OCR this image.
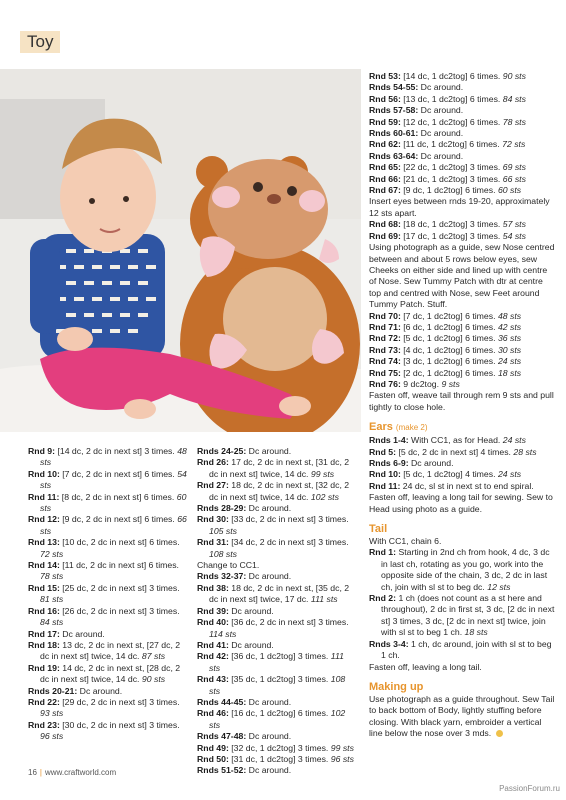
Toy

Rnd 9: [14 dc, 2 dc in next st] 3 times. 48 sts

Rnd 10: [7 dc, 2 dc in next st] 6 times. 54 sts

Rnd 11: [8 dc, 2 dc in next st] 6 times. 60 sts

Rnd 12: [9 dc, 2 dc in next st] 6 times. 66 sts

Rnd 13: [10 dc, 2 dc in next st] 6 times. 72 sts

Rnd 14: [11 dc, 2 dc in next st] 6 times. 78 sts

Rnd 15: [25 dc, 2 dc in next st] 3 times. 81 sts

Rnd 16: [26 dc, 2 dc in next st] 3 times. 84 sts

Rnd 17: Dc around.

Rnd 18: 13 dc, 2 dc in next st, [27 dc, 2 dc in next st] twice, 14 dc. 87 sts

Rnd 19: 14 dc, 2 dc in next st, [28 dc, 2 dc in next st] twice, 14 dc. 90 sts

Rnds 20-21: Dc around.

Rnd 22: [29 dc, 2 dc in next st] 3 times. 93 sts

Rnd 23: [30 dc, 2 dc in next st] 3 times. 96 sts

Rnds 24-25: Dc around.

Rnd 26: 17 dc, 2 dc in next st, [31 dc, 2 dc in next st] twice, 14 dc. 99 sts

Rnd 27: 18 dc, 2 dc in next st, [32 dc, 2 dc in next st] twice, 14 dc. 102 sts

Rnds 28-29: Dc around.

Rnd 30: [33 dc, 2 dc in next st] 3 times. 105 sts

Rnd 31: [34 dc, 2 dc in next st] 3 times. 108 sts

Change to CC1.

Rnds 32-37: Dc around.

Rnd 38: 18 dc, 2 dc in next st, [35 dc, 2 dc in next st] twice, 17 dc. 111 sts

Rnd 39: Dc around.

Rnd 40: [36 dc, 2 dc in next st] 3 times. 114 sts

Rnd 41: Dc around.

Rnd 42: [36 dc, 1 dc2tog] 3 times. 111 sts

Rnd 43: [35 dc, 1 dc2tog] 3 times. 108 sts

Rnds 44-45: Dc around.

Rnd 46: [16 dc, 1 dc2tog] 6 times. 102 sts

Rnds 47-48: Dc around.

Rnd 49: [32 dc, 1 dc2tog] 3 times. 99 sts

Rnd 50: [31 dc, 1 dc2tog] 3 times. 96 sts

Rnds 51-52: Dc around.

Rnd 53: [14 dc, 1 dc2tog] 6 times. 90 sts

Rnds 54-55: Dc around.

Rnd 56: [13 dc, 1 dc2tog] 6 times. 84 sts

Rnds 57-58: Dc around.

Rnd 59: [12 dc, 1 dc2tog] 6 times. 78 sts

Rnds 60-61: Dc around.

Rnd 62: [11 dc, 1 dc2tog] 6 times. 72 sts

Rnds 63-64: Dc around.

Rnd 65: [22 dc, 1 dc2tog] 3 times. 69 sts

Rnd 66: [21 dc, 1 dc2tog] 3 times. 66 sts

Rnd 67: [9 dc, 1 dc2tog] 6 times. 60 sts

Insert eyes between rnds 19-20, approximately 12 sts apart.

Rnd 68: [18 dc, 1 dc2tog] 3 times. 57 sts

Rnd 69: [17 dc, 1 dc2tog] 3 times. 54 sts

Using photograph as a guide, sew Nose centred between and about 5 rows below eyes, sew Cheeks on either side and lined up with centre of Nose. Sew Tummy Patch with dtr at centre top and centred with Nose, sew Feet around Tummy Patch. Stuff.

Rnd 70: [7 dc, 1 dc2tog] 6 times. 48 sts

Rnd 71: [6 dc, 1 dc2tog] 6 times. 42 sts

Rnd 72: [5 dc, 1 dc2tog] 6 times. 36 sts

Rnd 73: [4 dc, 1 dc2tog] 6 times. 30 sts

Rnd 74: [3 dc, 1 dc2tog] 6 times. 24 sts

Rnd 75: [2 dc, 1 dc2tog] 6 times. 18 sts

Rnd 76: 9 dc2tog. 9 sts

Fasten off, weave tail through rem 9 sts and pull tightly to close hole.

Ears (make 2)

Rnds 1-4: With CC1, as for Head. 24 sts

Rnd 5: [5 dc, 2 dc in next st] 4 times. 28 sts

Rnds 6-9: Dc around.

Rnd 10: [5 dc, 1 dc2tog] 4 times. 24 sts

Rnd 11: 24 dc, sl st in next st to end spiral.

Fasten off, leaving a long tail for sewing. Sew to Head using photo as a guide.

Tail

With CC1, chain 6.

Rnd 1: Starting in 2nd ch from hook, 4 dc, 3 dc in last ch, rotating as you go, work into the opposite side of the chain, 3 dc, 2 dc in last ch, join with sl st to beg dc. 12 sts

Rnd 2: 1 ch (does not count as a st here and throughout), 2 dc in first st, 3 dc, [2 dc in next st] 3 times, 3 dc, [2 dc in next st] twice, join with sl st to beg 1 ch. 18 sts

Rnds 3-4: 1 ch, dc around, join with sl st to beg 1 ch.

Fasten off, leaving a long tail.

Making up

Use photograph as a guide throughout. Sew Tail to back bottom of Body, lightly stuffing before closing. With black yarn, embroider a vertical line below the nose over 3 mds.

16 | www.craftworld.com
PassionForum.ru
